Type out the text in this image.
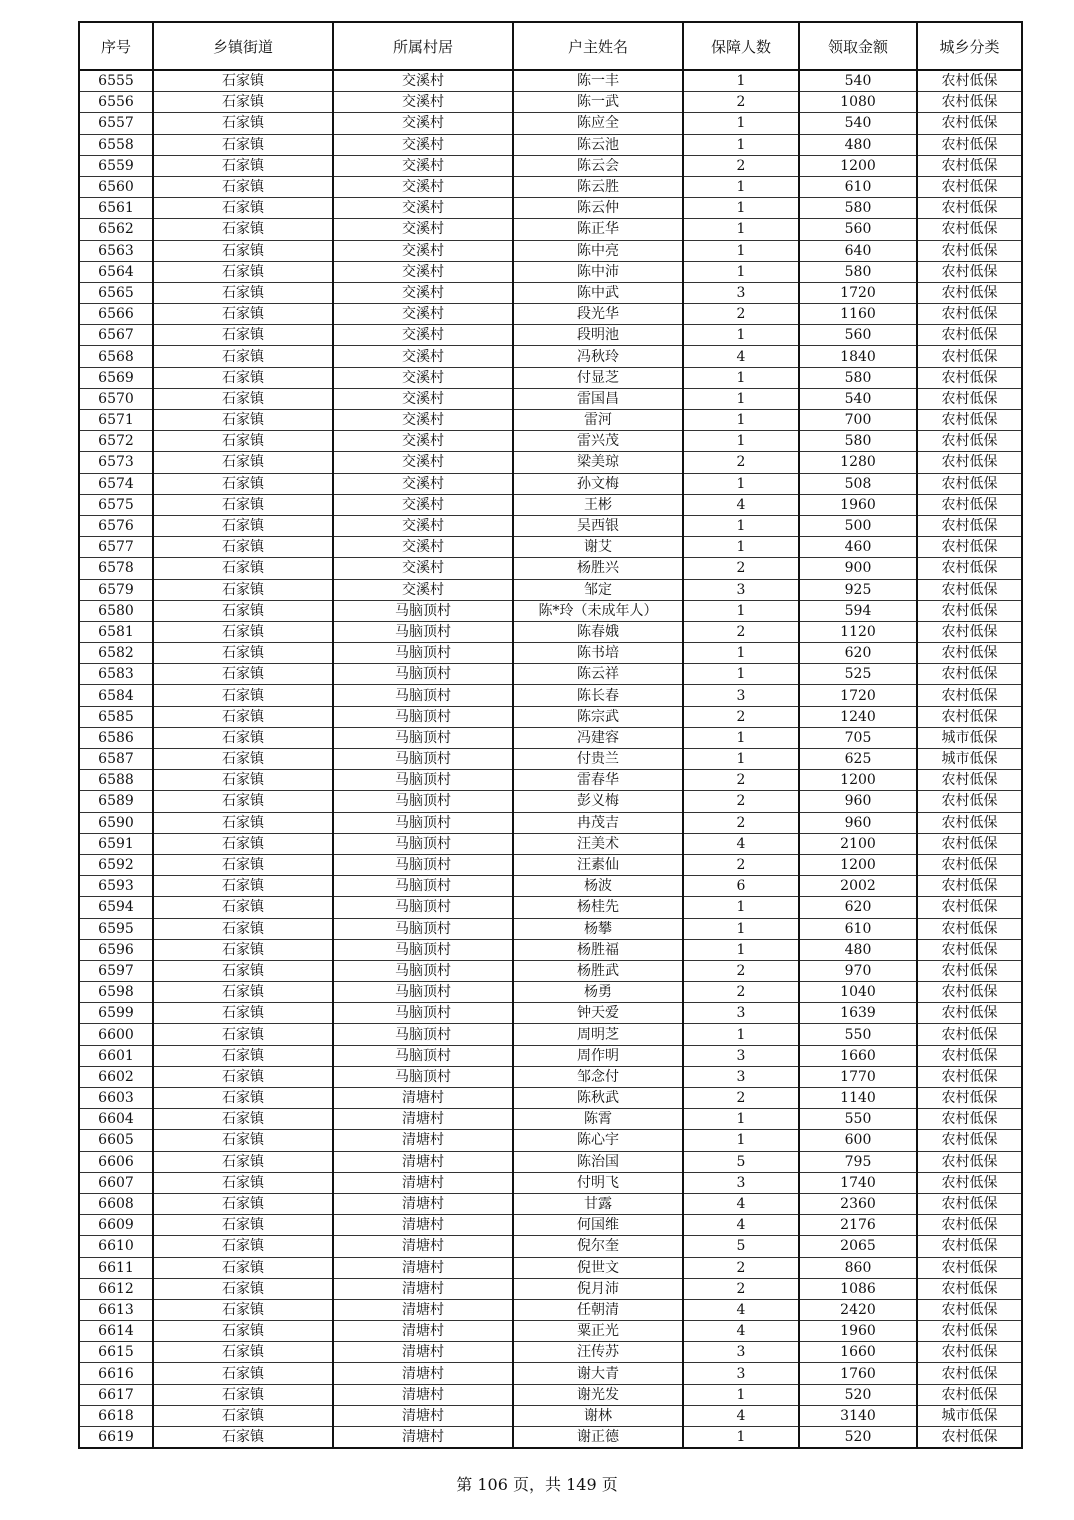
序号	乡镇街道	所属村居	户主姓名	保障人数	领取金额	城乡分类
6555	石家镇	交溪村	陈一丰	1	540	农村低保
6556	石家镇	交溪村	陈一武	2	1080	农村低保
6557	石家镇	交溪村	陈应全	1	540	农村低保
6558	石家镇	交溪村	陈云池	1	480	农村低保
6559	石家镇	交溪村	陈云会	2	1200	农村低保
6560	石家镇	交溪村	陈云胜	1	610	农村低保
6561	石家镇	交溪村	陈云仲	1	580	农村低保
6562	石家镇	交溪村	陈正华	1	560	农村低保
6563	石家镇	交溪村	陈中亮	1	640	农村低保
6564	石家镇	交溪村	陈中沛	1	580	农村低保
6565	石家镇	交溪村	陈中武	3	1720	农村低保
6566	石家镇	交溪村	段光华	2	1160	农村低保
6567	石家镇	交溪村	段明池	1	560	农村低保
6568	石家镇	交溪村	冯秋玲	4	1840	农村低保
6569	石家镇	交溪村	付显芝	1	580	农村低保
6570	石家镇	交溪村	雷国昌	1	540	农村低保
6571	石家镇	交溪村	雷河	1	700	农村低保
6572	石家镇	交溪村	雷兴茂	1	580	农村低保
6573	石家镇	交溪村	梁美琼	2	1280	农村低保
6574	石家镇	交溪村	孙文梅	1	508	农村低保
6575	石家镇	交溪村	王彬	4	1960	农村低保
6576	石家镇	交溪村	吴西银	1	500	农村低保
6577	石家镇	交溪村	谢艾	1	460	农村低保
6578	石家镇	交溪村	杨胜兴	2	900	农村低保
6579	石家镇	交溪村	邹定	3	925	农村低保
6580	石家镇	马脑顶村	陈*玲（未成年人）	1	594	农村低保
6581	石家镇	马脑顶村	陈春娥	2	1120	农村低保
6582	石家镇	马脑顶村	陈书培	1	620	农村低保
6583	石家镇	马脑顶村	陈云祥	1	525	农村低保
6584	石家镇	马脑顶村	陈长春	3	1720	农村低保
6585	石家镇	马脑顶村	陈宗武	2	1240	农村低保
6586	石家镇	马脑顶村	冯建容	1	705	城市低保
6587	石家镇	马脑顶村	付贵兰	1	625	城市低保
6588	石家镇	马脑顶村	雷春华	2	1200	农村低保
6589	石家镇	马脑顶村	彭义梅	2	960	农村低保
6590	石家镇	马脑顶村	冉茂吉	2	960	农村低保
6591	石家镇	马脑顶村	汪美术	4	2100	农村低保
6592	石家镇	马脑顶村	汪素仙	2	1200	农村低保
6593	石家镇	马脑顶村	杨波	6	2002	农村低保
6594	石家镇	马脑顶村	杨桂先	1	620	农村低保
6595	石家镇	马脑顶村	杨攀	1	610	农村低保
6596	石家镇	马脑顶村	杨胜福	1	480	农村低保
6597	石家镇	马脑顶村	杨胜武	2	970	农村低保
6598	石家镇	马脑顶村	杨勇	2	1040	农村低保
6599	石家镇	马脑顶村	钟天爱	3	1639	农村低保
6600	石家镇	马脑顶村	周明芝	1	550	农村低保
6601	石家镇	马脑顶村	周作明	3	1660	农村低保
6602	石家镇	马脑顶村	邹念付	3	1770	农村低保
6603	石家镇	清塘村	陈秋武	2	1140	农村低保
6604	石家镇	清塘村	陈霄	1	550	农村低保
6605	石家镇	清塘村	陈心宇	1	600	农村低保
6606	石家镇	清塘村	陈治国	5	795	农村低保
6607	石家镇	清塘村	付明飞	3	1740	农村低保
6608	石家镇	清塘村	甘露	4	2360	农村低保
6609	石家镇	清塘村	何国维	4	2176	农村低保
6610	石家镇	清塘村	倪尔奎	5	2065	农村低保
6611	石家镇	清塘村	倪世文	2	860	农村低保
6612	石家镇	清塘村	倪月沛	2	1086	农村低保
6613	石家镇	清塘村	任朝清	4	2420	农村低保
6614	石家镇	清塘村	粟正光	4	1960	农村低保
6615	石家镇	清塘村	汪传苏	3	1660	农村低保
6616	石家镇	清塘村	谢大青	3	1760	农村低保
6617	石家镇	清塘村	谢光发	1	520	农村低保
6618	石家镇	清塘村	谢林	4	3140	城市低保
6619	石家镇	清塘村	谢正德	1	520	农村低保
第 106 页，共 149 页
